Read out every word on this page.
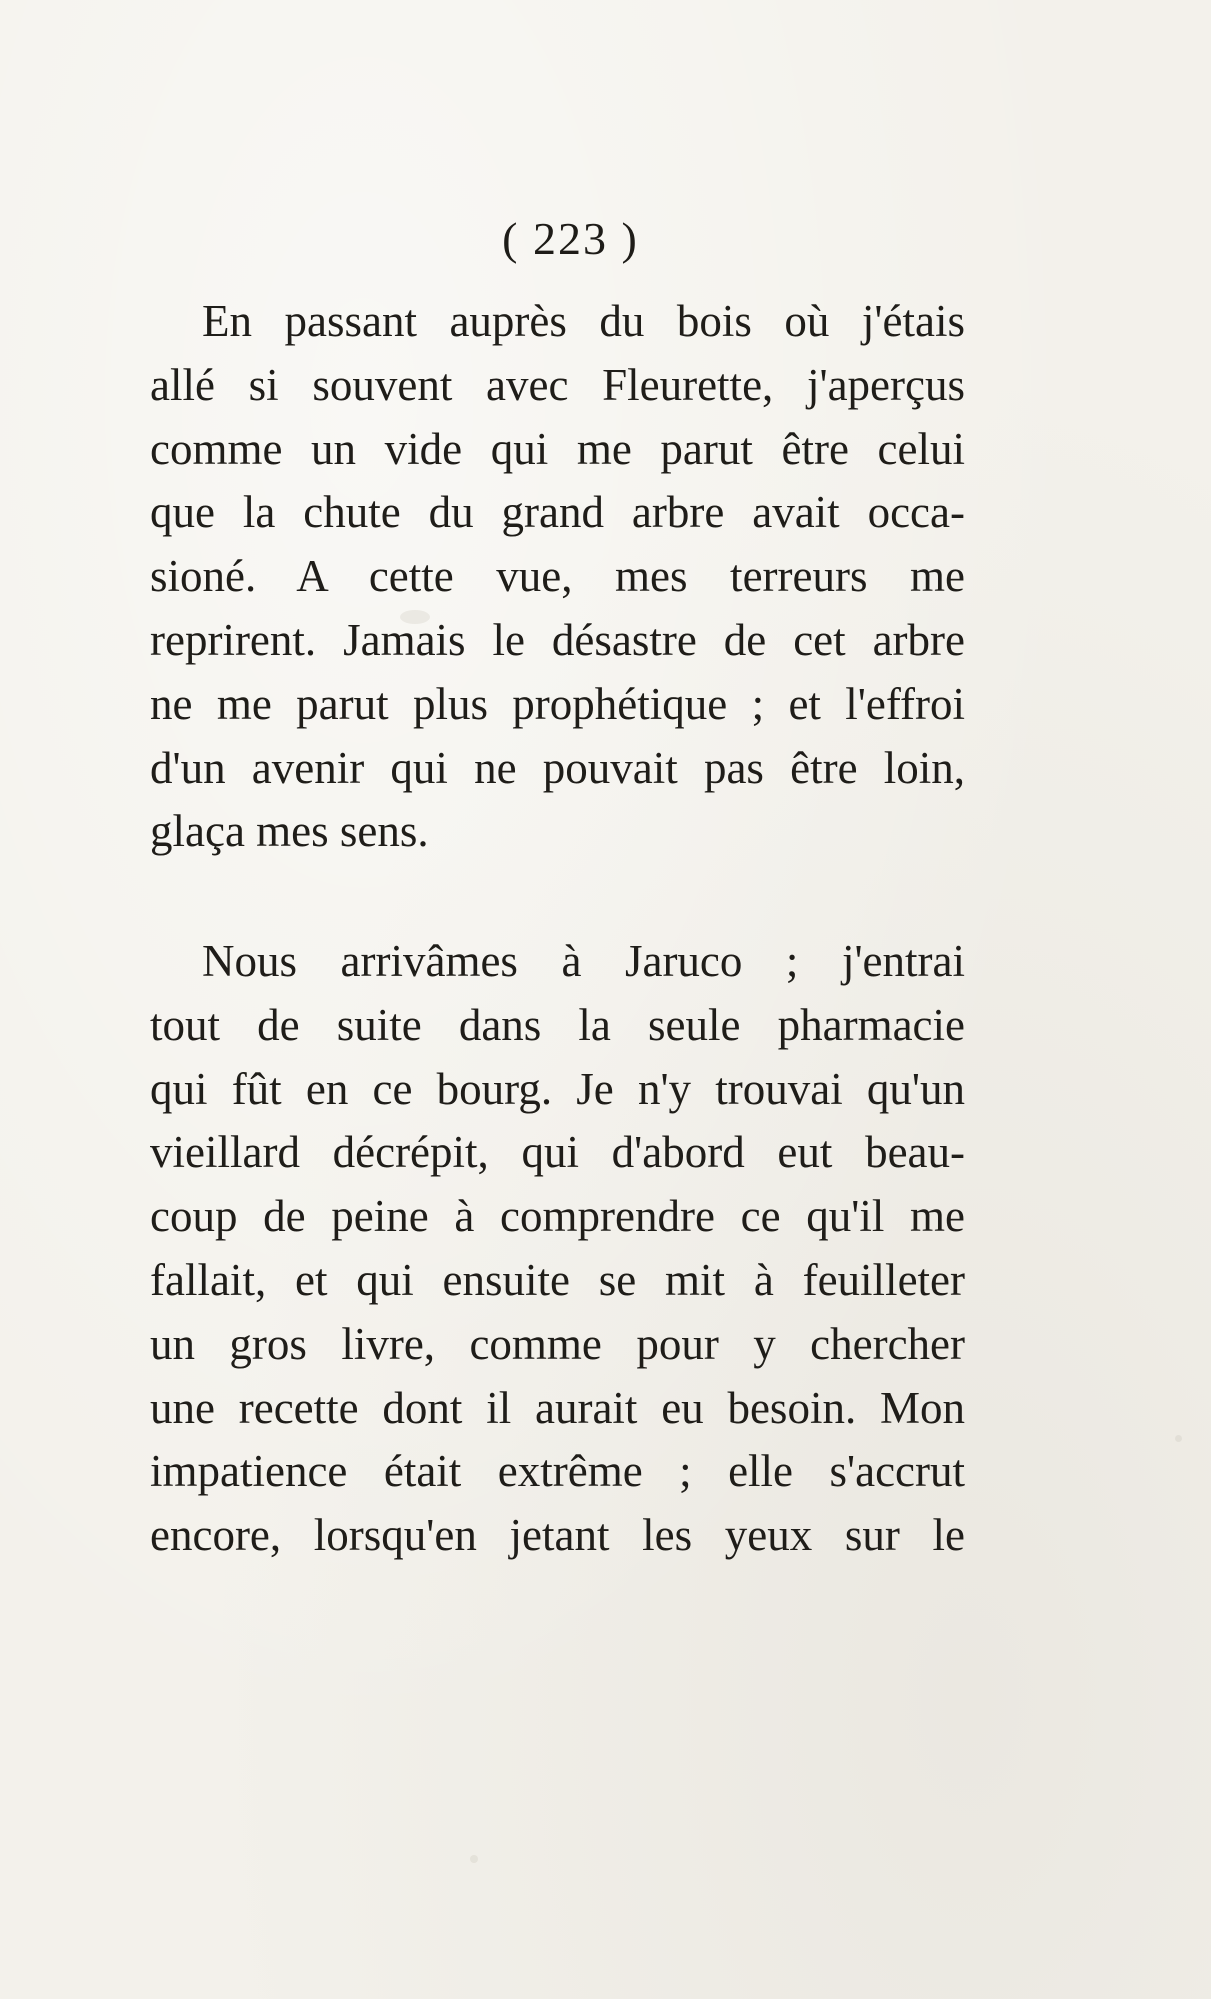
( 223 )
En passant auprès du bois où j'étais
allé si souvent avec Fleurette, j'aperçus
comme un vide qui me parut être celui
que la chute du grand arbre avait occa-
sioné. A cette vue, mes terreurs me
reprirent. Jamais le désastre de cet arbre
ne me parut plus prophétique ; et l'effroi
d'un avenir qui ne pouvait pas être loin,
glaça mes sens.
Nous arrivâmes à Jaruco ; j'entrai
tout de suite dans la seule pharmacie
qui fût en ce bourg. Je n'y trouvai qu'un
vieillard décrépit, qui d'abord eut beau-
coup de peine à comprendre ce qu'il me
fallait, et qui ensuite se mit à feuilleter
un gros livre, comme pour y chercher
une recette dont il aurait eu besoin. Mon
impatience était extrême ; elle s'accrut
encore, lorsqu'en jetant les yeux sur le
